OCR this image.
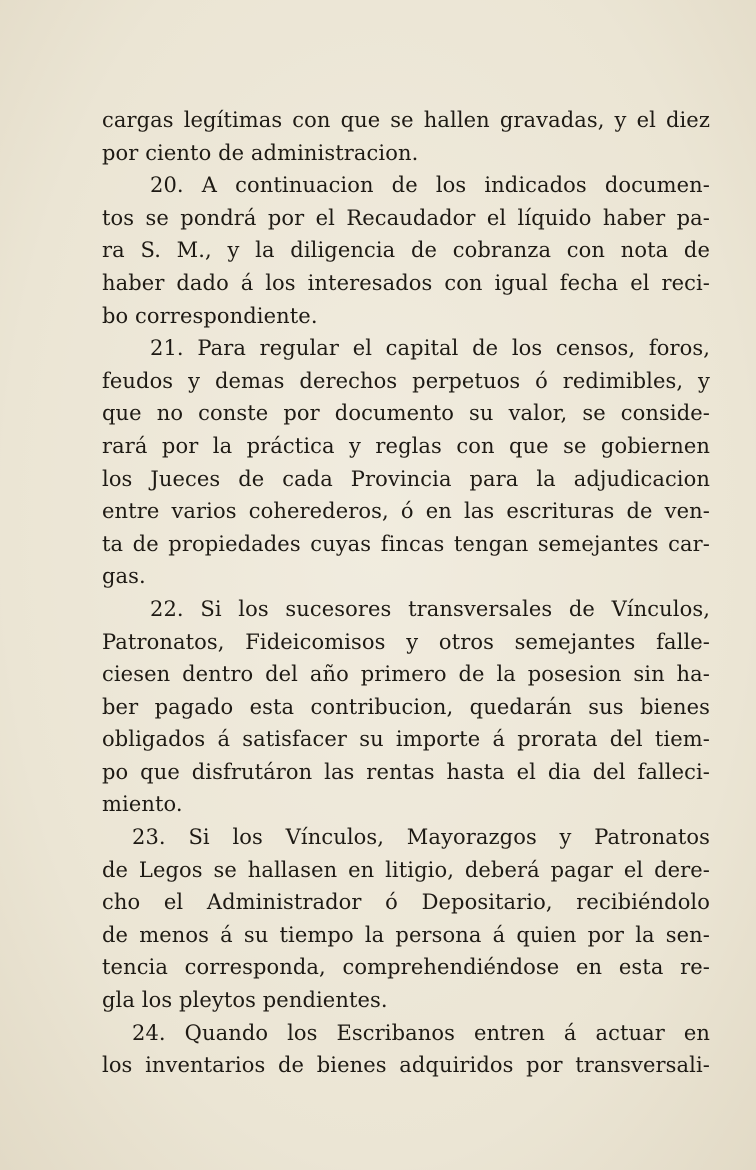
cargas legítimas con que se hallen gravadas, y el diez
por ciento de administracion.
20. A continuacion de los indicados documen-
tos se pondrá por el Recaudador el líquido haber pa-
ra S. M., y la diligencia de cobranza con nota de
haber dado á los interesados con igual fecha el reci-
bo correspondiente.
21. Para regular el capital de los censos, foros,
feudos y demas derechos perpetuos ó redimibles, y
que no conste por documento su valor, se conside-
rará por la práctica y reglas con que se gobiernen
los Jueces de cada Provincia para la adjudicacion
entre varios coherederos, ó en las escrituras de ven-
ta de propiedades cuyas fincas tengan semejantes car-
gas.
22. Si los sucesores transversales de Vínculos,
Patronatos, Fideicomisos y otros semejantes falle-
ciesen dentro del año primero de la posesion sin ha-
ber pagado esta contribucion, quedarán sus bienes
obligados á satisfacer su importe á prorata del tiem-
po que disfrutáron las rentas hasta el dia del falleci-
miento.
23. Si los Vínculos, Mayorazgos y Patronatos
de Legos se hallasen en litigio, deberá pagar el dere-
cho el Administrador ó Depositario, recibiéndolo
de menos á su tiempo la persona á quien por la sen-
tencia corresponda, comprehendiéndose en esta re-
gla los pleytos pendientes.
24. Quando los Escribanos entren á actuar en
los inventarios de bienes adquiridos por transversali-
